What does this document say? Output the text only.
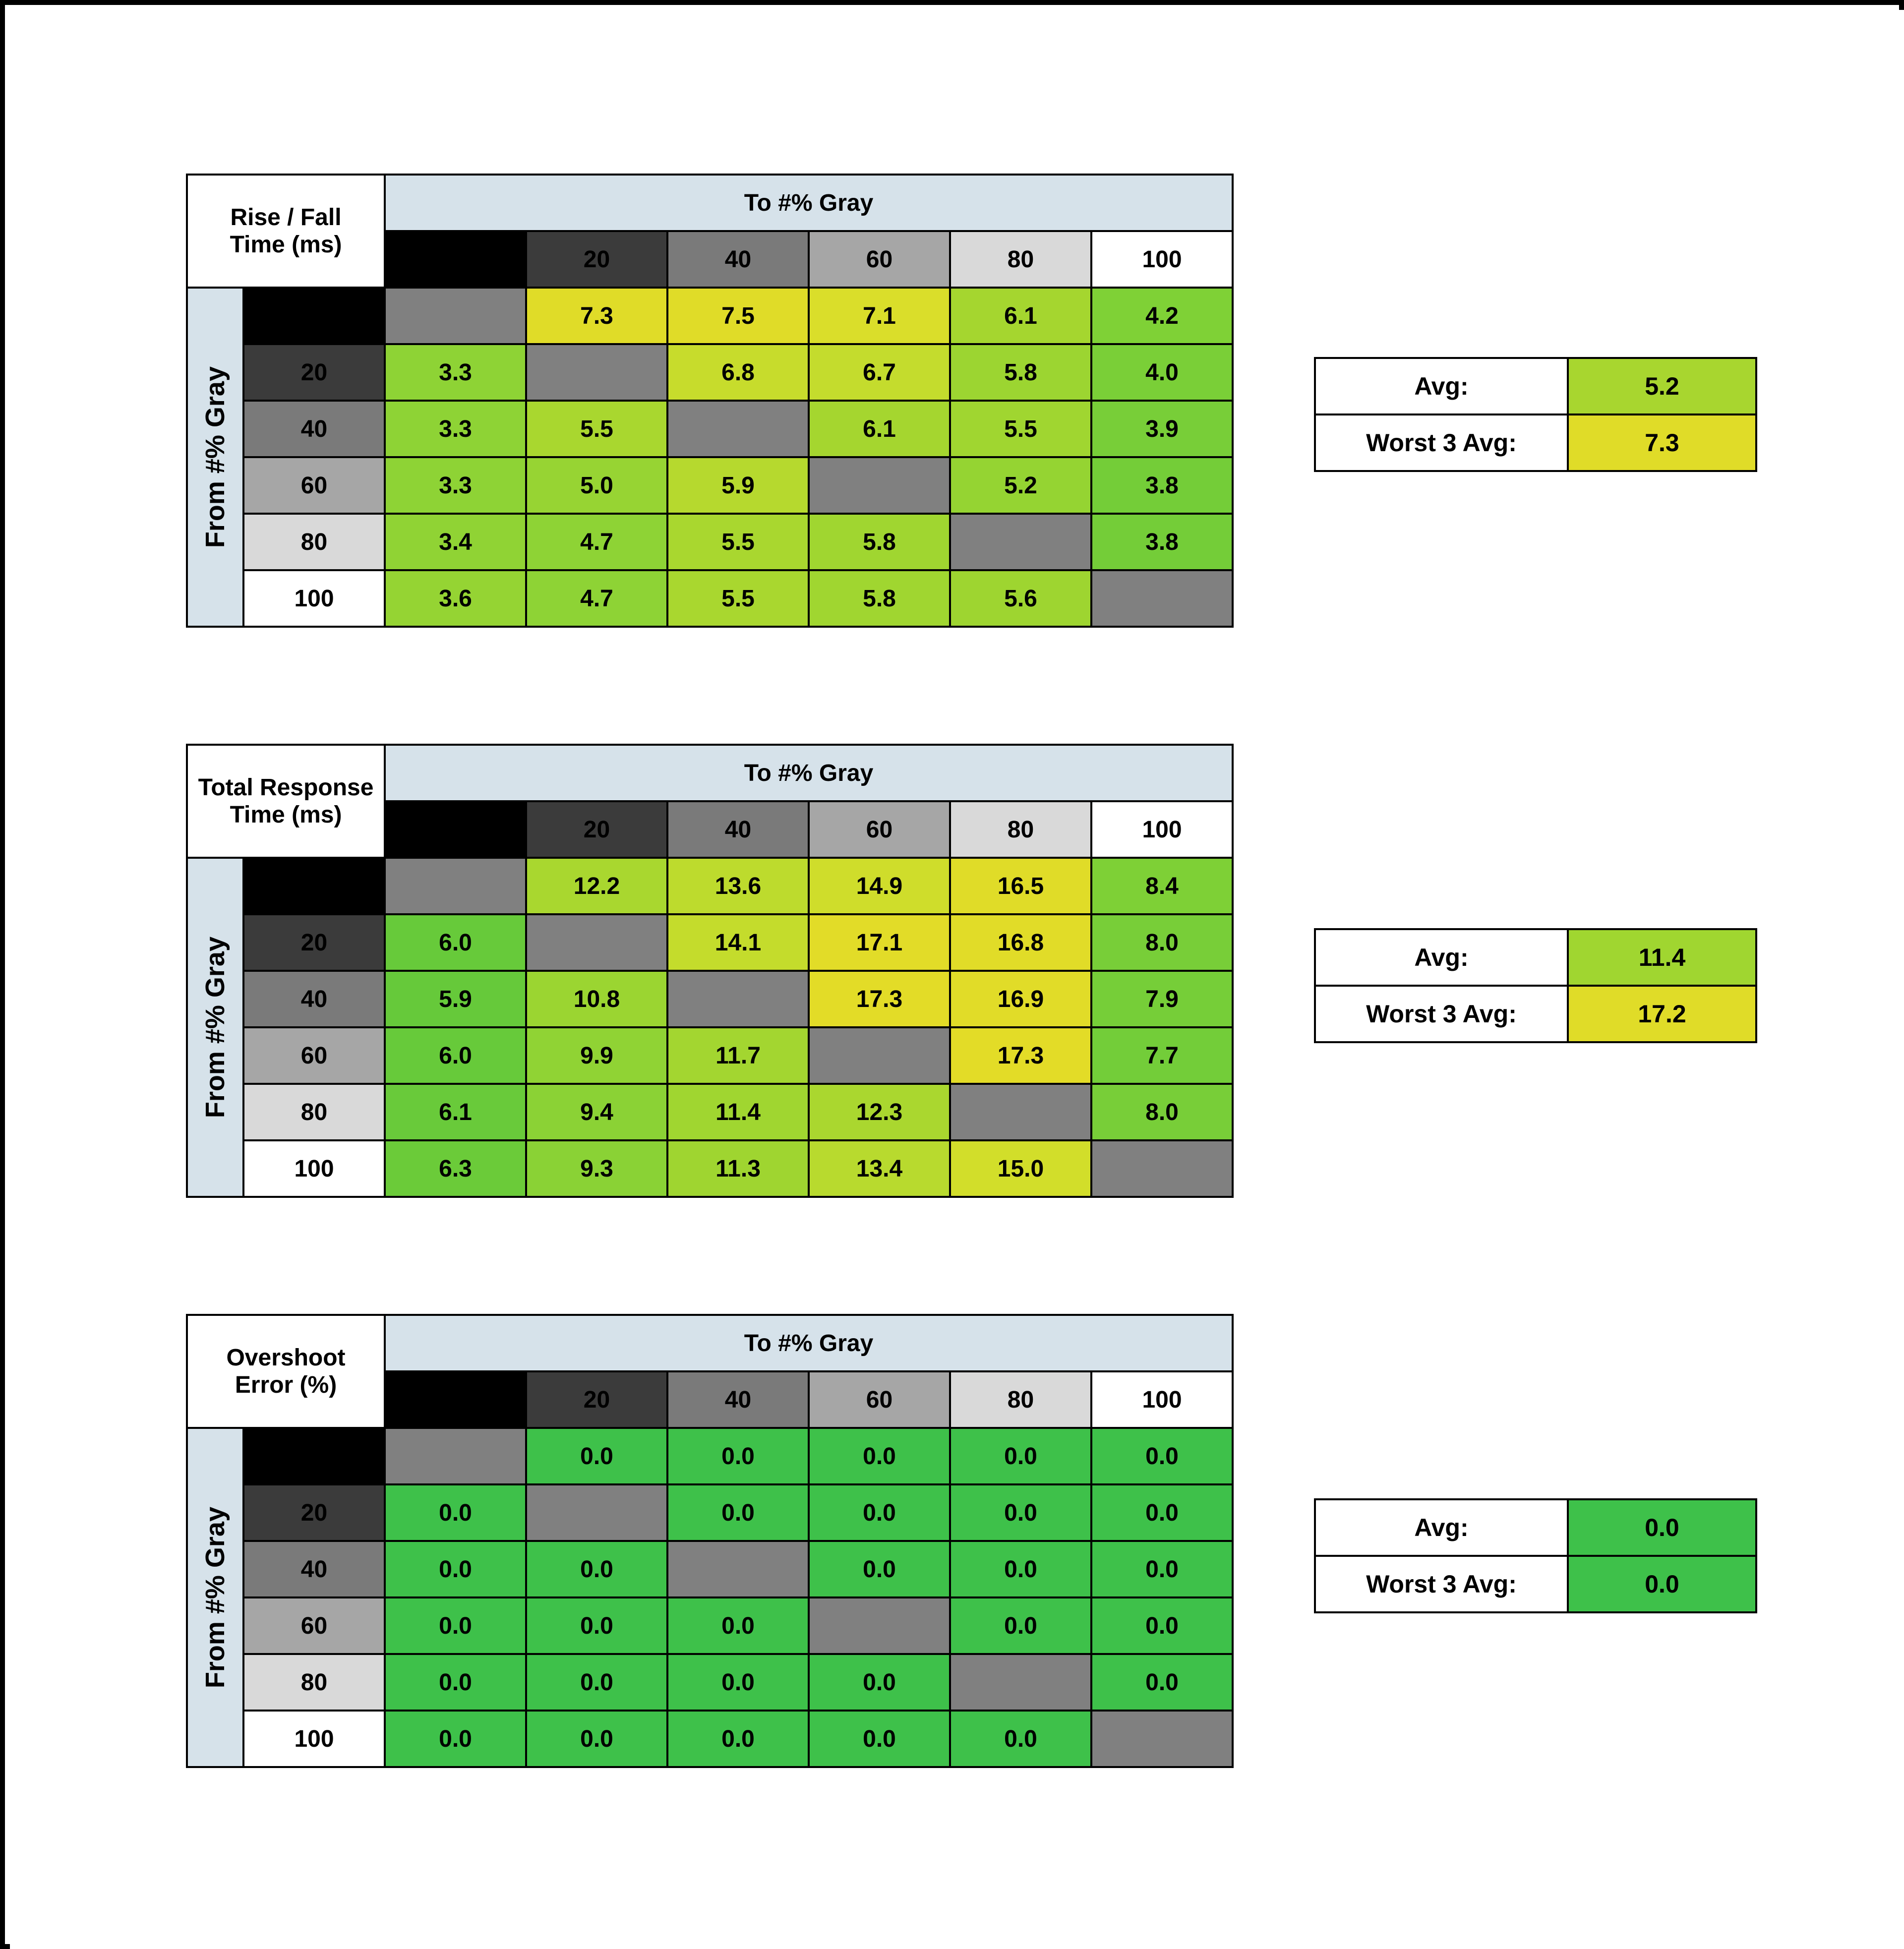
Rise / Fall
Time (ms)		To #% Gray					
		0	20	40	60	80	100

From #% Gray	0		7.3	7.5	7.1	6.1	4.2
	20	3.3		6.8	6.7	5.8	4.0
	40	3.3	5.5		6.1	5.5	3.9
	60	3.3	5.0	5.9		5.2	3.8
	80	3.4	4.7	5.5	5.8		3.8
	100	3.6	4.7	5.5	5.8	5.6	
Avg:	5.2
Worst 3 Avg:	7.3
Total Response
Time (ms)		To #% Gray					
		0	20	40	60	80	100

From #% Gray	0		12.2	13.6	14.9	16.5	8.4
	20	6.0		14.1	17.1	16.8	8.0
	40	5.9	10.8		17.3	16.9	7.9
	60	6.0	9.9	11.7		17.3	7.7
	80	6.1	9.4	11.4	12.3		8.0
	100	6.3	9.3	11.3	13.4	15.0	
Avg:	11.4
Worst 3 Avg:	17.2
Overshoot
Error (%)		To #% Gray					
		0	20	40	60	80	100

From #% Gray	0		0.0	0.0	0.0	0.0	0.0
	20	0.0		0.0	0.0	0.0	0.0
	40	0.0	0.0		0.0	0.0	0.0
	60	0.0	0.0	0.0		0.0	0.0
	80	0.0	0.0	0.0	0.0		0.0
	100	0.0	0.0	0.0	0.0	0.0	
Avg:	0.0
Worst 3 Avg:	0.0
